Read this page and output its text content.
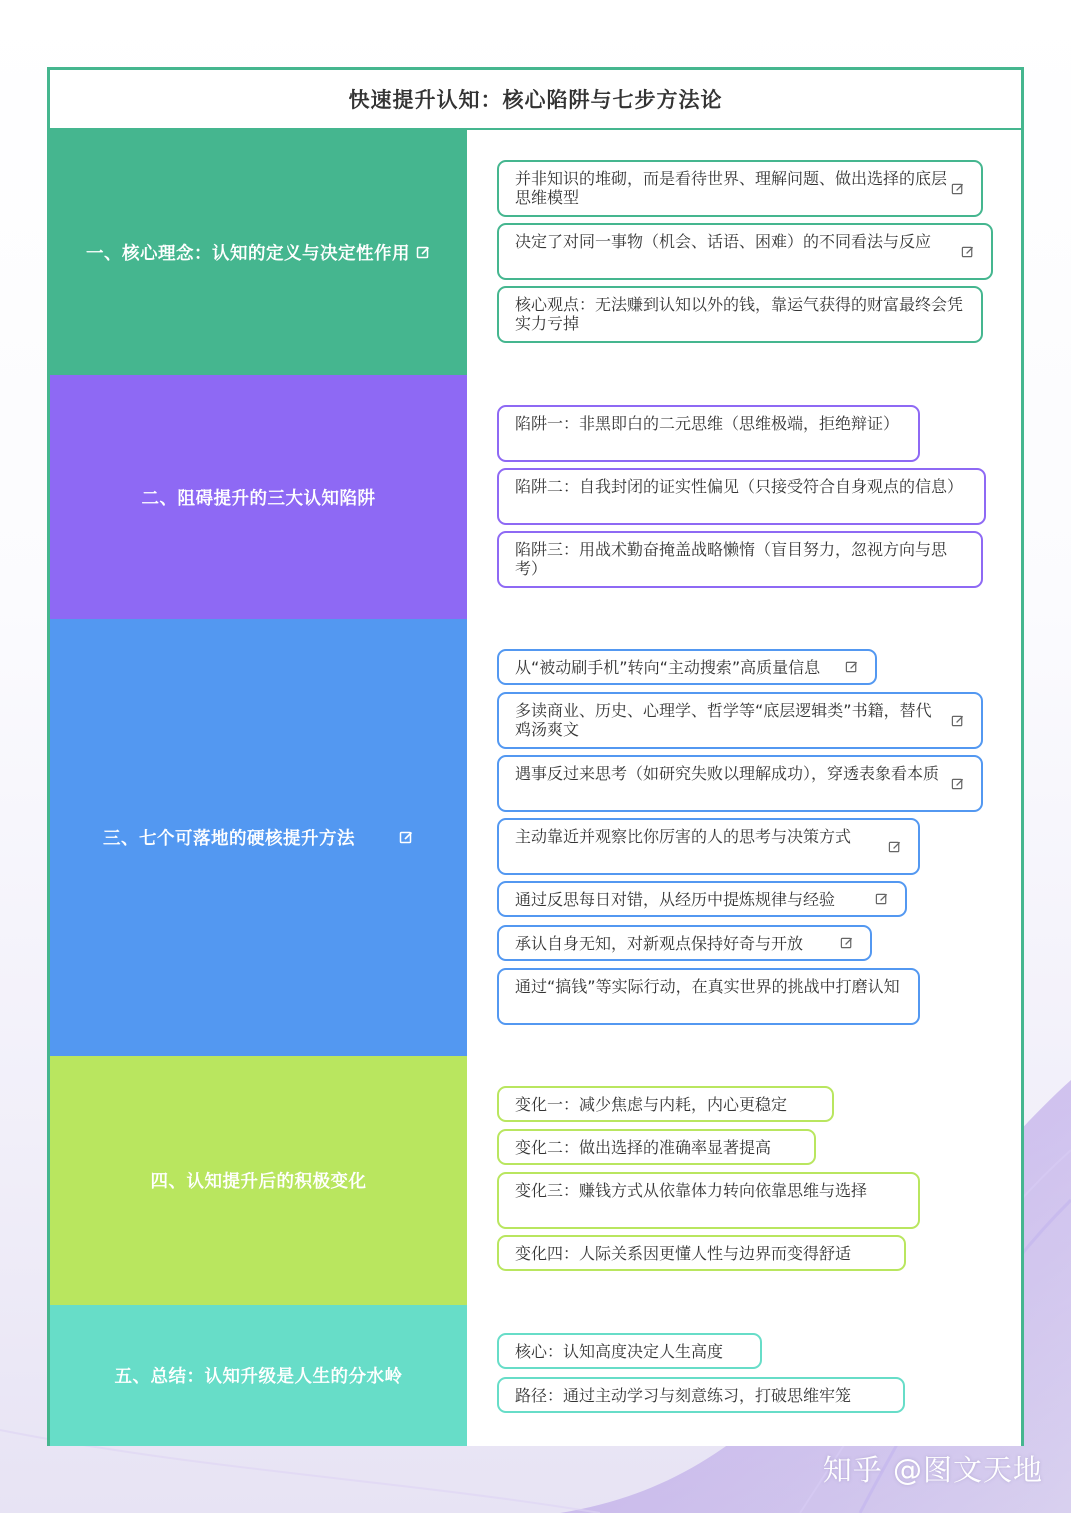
快速提升认知：核心陷阱与七步方法论
一、核心理念：认知的定义与决定性作用
并非知识的堆砌，而是看待世界、理解问题、做出选择的底层思维模型
决定了对同一事物（机会、话语、困难）的不同看法与反应
核心观点：无法赚到认知以外的钱，靠运气获得的财富最终会凭实力亏掉
二、阻碍提升的三大认知陷阱
陷阱一：非黑即白的二元思维（思维极端，拒绝辩证）
陷阱二：自我封闭的证实性偏见（只接受符合自身观点的信息）
陷阱三：用战术勤奋掩盖战略懒惰（盲目努力，忽视方向与思考）
三、七个可落地的硬核提升方法
从“被动刷手机”转向“主动搜索”高质量信息
多读商业、历史、心理学、哲学等“底层逻辑类”书籍，替代鸡汤爽文
遇事反过来思考（如研究失败以理解成功），穿透表象看本质
主动靠近并观察比你厉害的人的思考与决策方式
通过反思每日对错，从经历中提炼规律与经验
承认自身无知，对新观点保持好奇与开放
通过“搞钱”等实际行动，在真实世界的挑战中打磨认知
四、认知提升后的积极变化
变化一：减少焦虑与内耗，内心更稳定
变化二：做出选择的准确率显著提高
变化三：赚钱方式从依靠体力转向依靠思维与选择
变化四：人际关系因更懂人性与边界而变得舒适
五、总结：认知升级是人生的分水岭
核心：认知高度决定人生高度
路径：通过主动学习与刻意练习，打破思维牢笼
知乎 @图文天地
